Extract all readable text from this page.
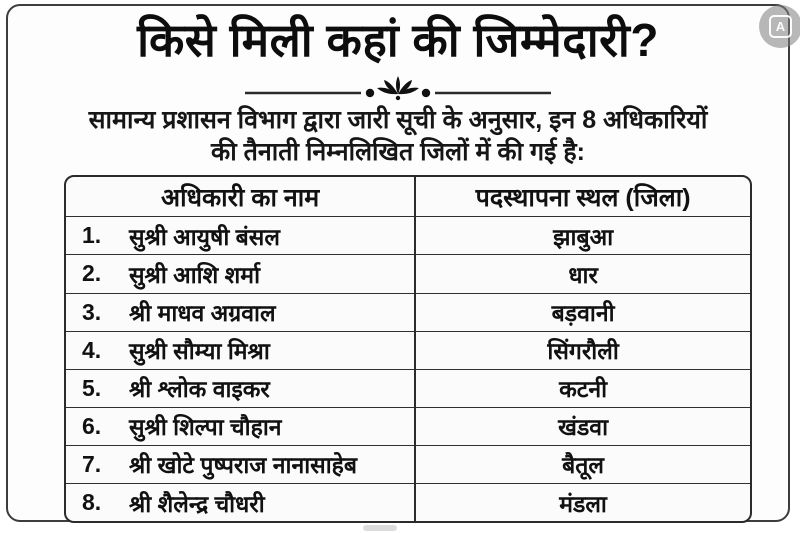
किसे मिली कहां की जिम्मेदारी?
सामान्य प्रशासन विभाग द्वारा जारी सूची के अनुसार, इन 8 अधिकारियों
की तैनाती निम्नलिखित जिलों में की गई है:
अधिकारी का नाम	पदस्थापना स्थल (जिला)
1.	सुश्री आयुषी बंसल	झाबुआ
2.	सुश्री आशि शर्मा	धार
3.	श्री माधव अग्रवाल	बड़वानी
4.	सुश्री सौम्या मिश्रा	सिंगरौली
5.	श्री श्लोक वाइकर	कटनी
6.	सुश्री शिल्पा चौहान	खंडवा
7.	श्री खोटे पुष्पराज नानासाहेब	बैतूल
8.	श्री शैलेन्द्र चौधरी	मंडला
A
